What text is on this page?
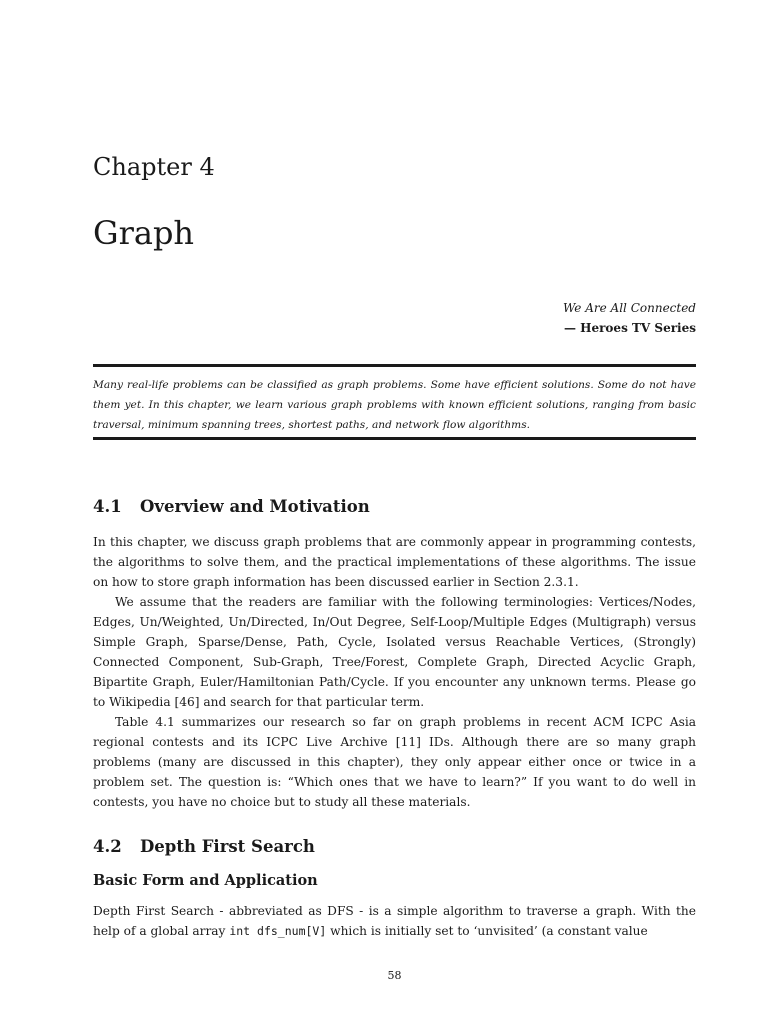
Chapter 4
Graph
We Are All Connected
— Heroes TV Series
Many real-life problems can be classified as graph problems. Some have efficient solutions. Some do not have them yet. In this chapter, we learn various graph problems with known efficient solutions, ranging from basic traversal, minimum spanning trees, shortest paths, and network flow algorithms.
4.1 Overview and Motivation

In this chapter, we discuss graph problems that are commonly appear in programming contests, the algorithms to solve them, and the practical implementations of these algorithms. The issue on how to store graph information has been discussed earlier in Section 2.3.1.

We assume that the readers are familiar with the following terminologies: Vertices/Nodes, Edges, Un/Weighted, Un/Directed, In/Out Degree, Self-Loop/Multiple Edges (Multigraph) versus Simple Graph, Sparse/Dense, Path, Cycle, Isolated versus Reachable Vertices, (Strongly) Connected Component, Sub-Graph, Tree/Forest, Complete Graph, Directed Acyclic Graph, Bipartite Graph, Euler/Hamiltonian Path/Cycle. If you encounter any unknown terms. Please go to Wikipedia [46] and search for that particular term.

Table 4.1 summarizes our research so far on graph problems in recent ACM ICPC Asia regional contests and its ICPC Live Archive [11] IDs. Although there are so many graph problems (many are discussed in this chapter), they only appear either once or twice in a problem set. The question is: “Which ones that we have to learn?” If you want to do well in contests, you have no choice but to study all these materials.

4.2 Depth First Search
Basic Form and Application

Depth First Search - abbreviated as DFS - is a simple algorithm to traverse a graph. With the help of a global array int dfs_num[V] which is initially set to ‘unvisited’ (a constant value

58
